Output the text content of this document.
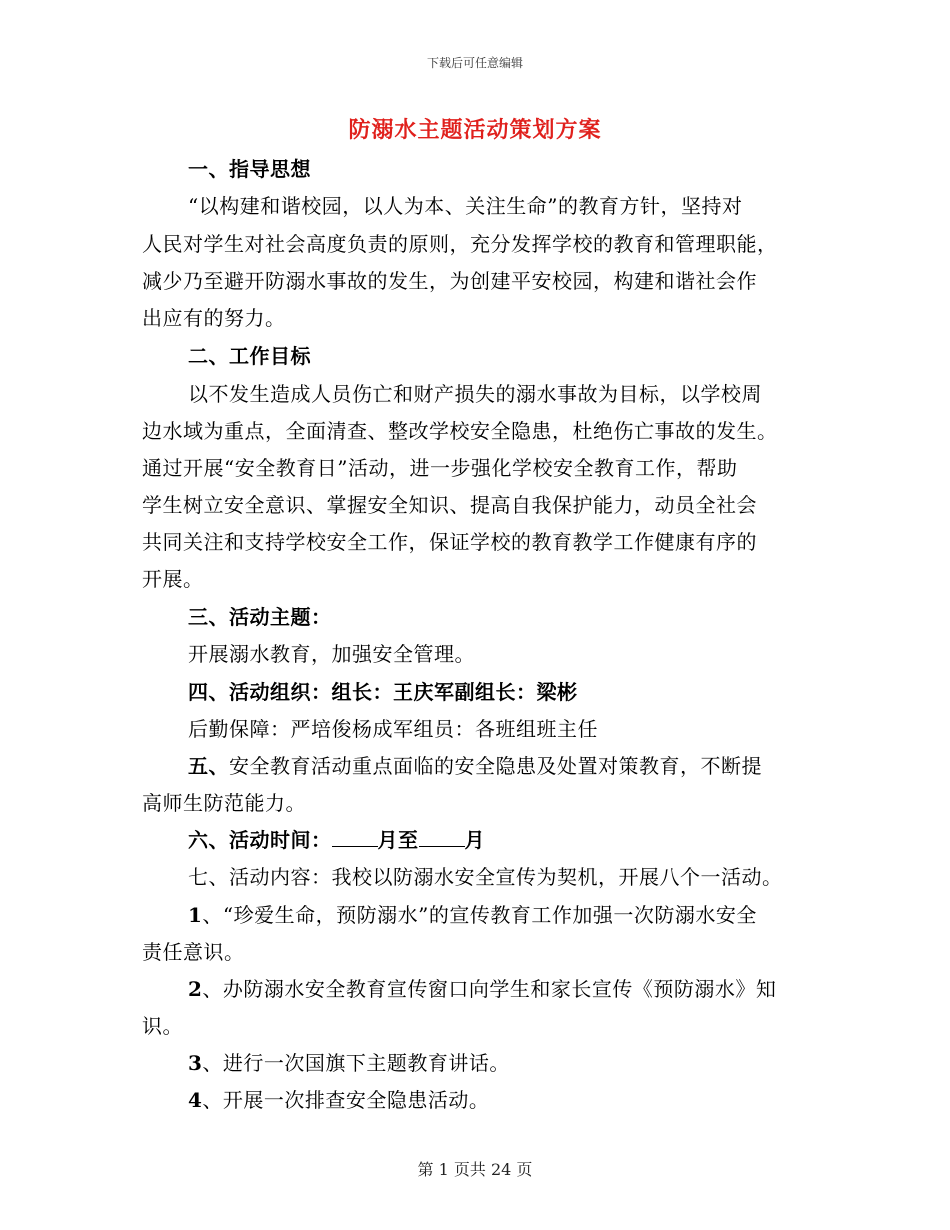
下载后可任意编辑
防溺水主题活动策划方案
一、指导思想
“以构建和谐校园，以人为本、关注生命”的教育方针，坚持对
人民对学生对社会高度负责的原则，充分发挥学校的教育和管理职能，
减少乃至避开防溺水事故的发生，为创建平安校园，构建和谐社会作
出应有的努力。
二、工作目标
以不发生造成人员伤亡和财产损失的溺水事故为目标，以学校周
边水域为重点，全面清查、整改学校安全隐患，杜绝伤亡事故的发生。
通过开展“安全教育日”活动，进一步强化学校安全教育工作，帮助
学生树立安全意识、掌握安全知识、提高自我保护能力，动员全社会
共同关注和支持学校安全工作，保证学校的教育教学工作健康有序的
开展。
三、活动主题：
开展溺水教育，加强安全管理。
四、活动组织：组长：王庆军副组长：梁彬
后勤保障：严培俊杨成军组员：各班组班主任
五、安全教育活动重点面临的安全隐患及处置对策教育，不断提
高师生防范能力。
六、活动时间： 月至 月
七、活动内容：我校以防溺水安全宣传为契机，开展八个一活动。
1、“珍爱生命，预防溺水”的宣传教育工作加强一次防溺水安全
责任意识。
2、办防溺水安全教育宣传窗口向学生和家长宣传《预防溺水》知
识。
3、进行一次国旗下主题教育讲话。
4、开展一次排查安全隐患活动。
第 1 页共 24 页
